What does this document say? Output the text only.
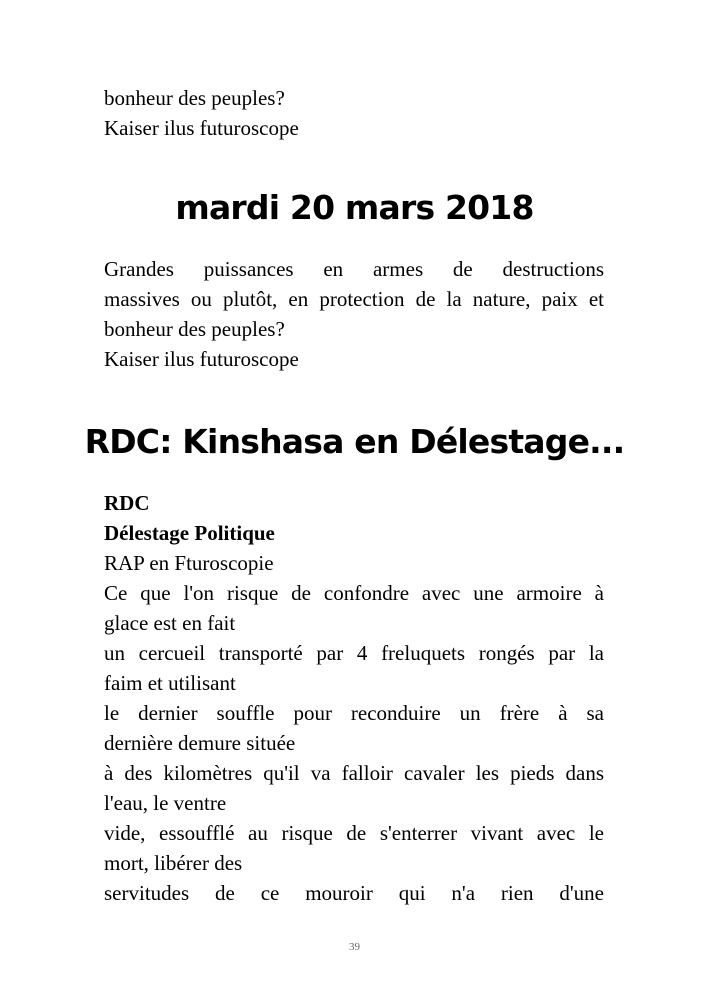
bonheur des peuples?
Kaiser ilus futuroscope
mardi 20 mars 2018
Grandes puissances en armes de destructions
massives ou plutôt, en protection de la nature, paix et
bonheur des peuples?
Kaiser ilus futuroscope
RDC: Kinshasa en Délestage...
RDC
Délestage Politique
RAP en Fturoscopie
Ce que l'on risque de confondre avec une armoire à
glace est en fait
un cercueil transporté par 4 freluquets rongés par la
faim et utilisant
le dernier souffle pour reconduire un frère à sa
dernière demure située
à des kilomètres qu'il va falloir cavaler les pieds dans
l'eau, le ventre
vide, essoufflé au risque de s'enterrer vivant avec le
mort, libérer des
servitudes de ce mouroir qui n'a rien d'une
39
